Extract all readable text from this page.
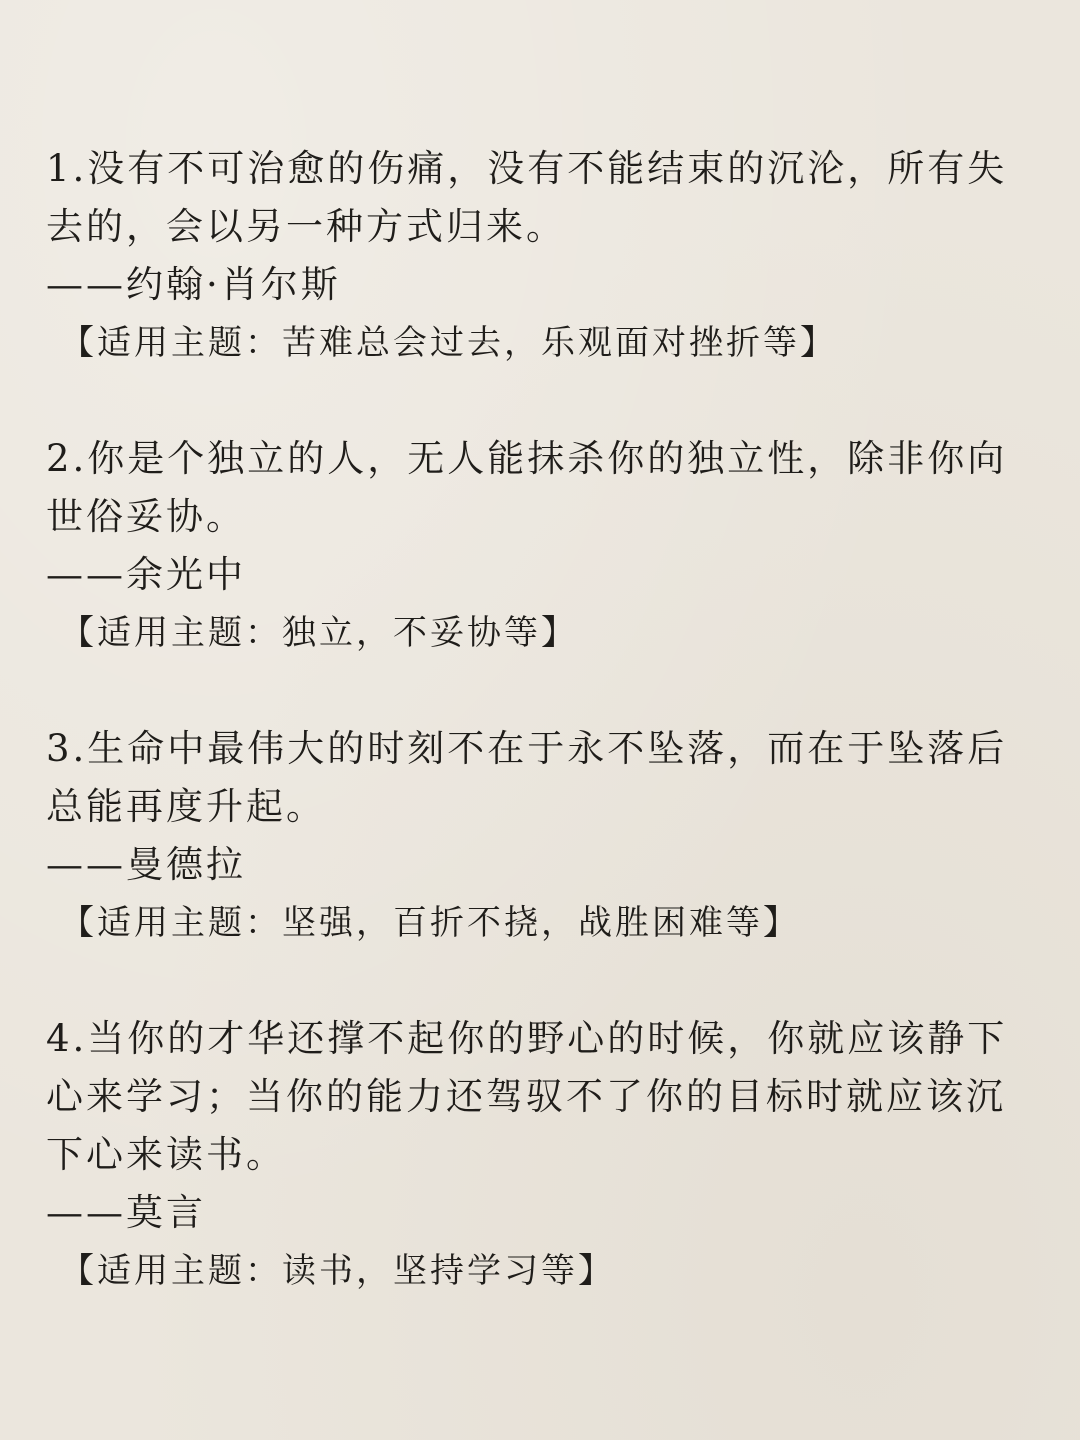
1.没有不可治愈的伤痛，没有不能结束的沉沦，所有失去的，会以另一种方式归来。

——约翰·肖尔斯

【适用主题：苦难总会过去，乐观面对挫折等】

2.你是个独立的人，无人能抹杀你的独立性，除非你向世俗妥协。

——余光中

【适用主题：独立，不妥协等】

3.生命中最伟大的时刻不在于永不坠落，而在于坠落后总能再度升起。

——曼德拉

【适用主题：坚强，百折不挠，战胜困难等】

4.当你的才华还撑不起你的野心的时候，你就应该静下心来学习；当你的能力还驾驭不了你的目标时就应该沉下心来读书。

——莫言

【适用主题：读书，坚持学习等】
